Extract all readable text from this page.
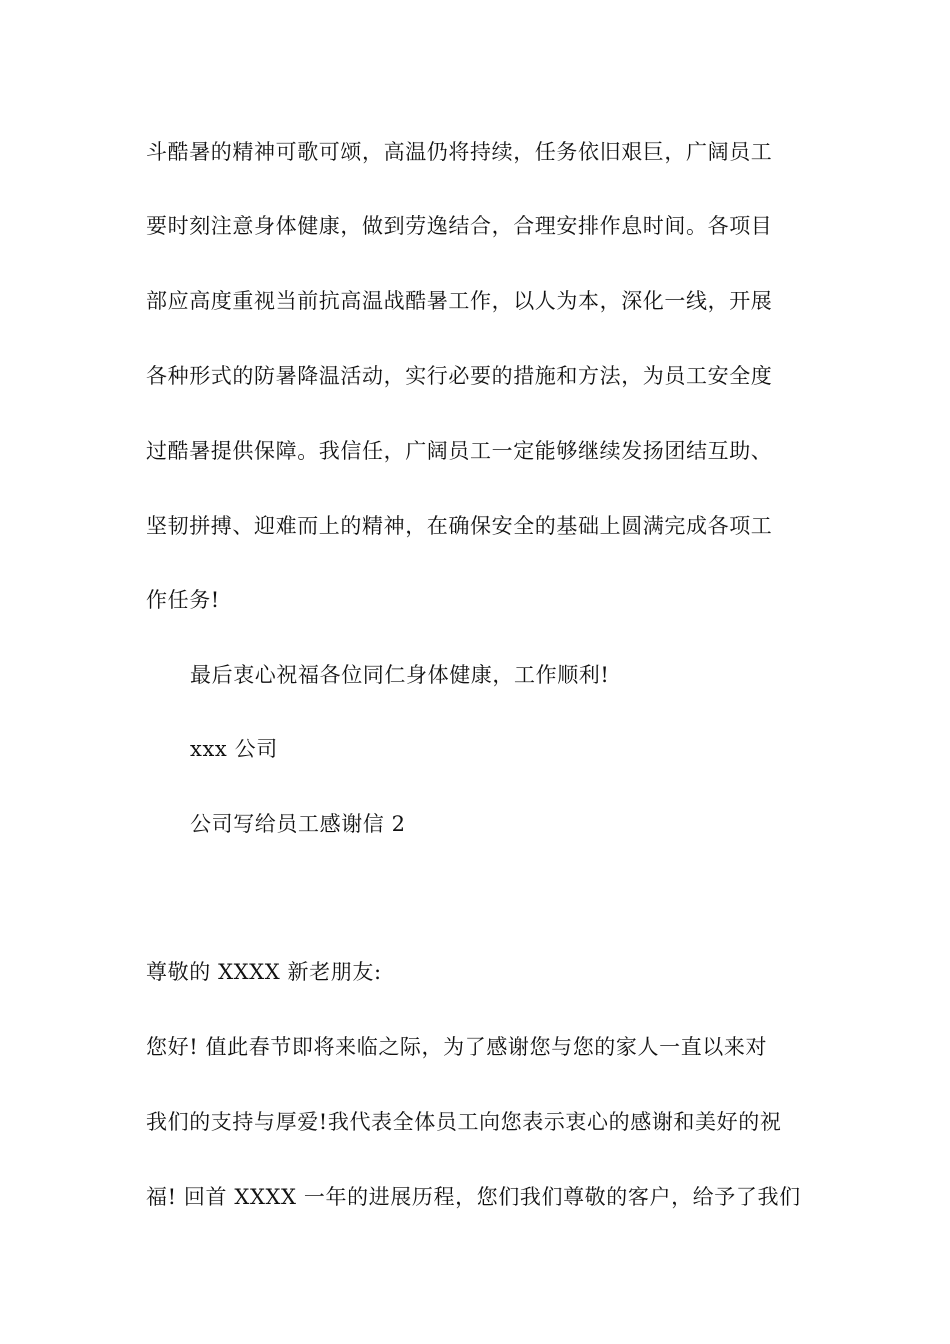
斗酷暑的精神可歌可颂，高温仍将持续，任务依旧艰巨，广阔员工
要时刻注意身体健康，做到劳逸结合，合理安排作息时间。各项目
部应高度重视当前抗高温战酷暑工作，以人为本，深化一线，开展
各种形式的防暑降温活动，实行必要的措施和方法，为员工安全度
过酷暑提供保障。我信任，广阔员工一定能够继续发扬团结互助、
坚韧拼搏、迎难而上的精神，在确保安全的基础上圆满完成各项工
作任务!
最后衷心祝福各位同仁身体健康，工作顺利!
xxx 公司
公司写给员工感谢信 2
尊敬的 XXXX 新老朋友:
您好! 值此春节即将来临之际，为了感谢您与您的家人一直以来对
我们的支持与厚爱!我代表全体员工向您表示衷心的感谢和美好的祝
福! 回首 XXXX 一年的进展历程，您们我们尊敬的客户，给予了我们
